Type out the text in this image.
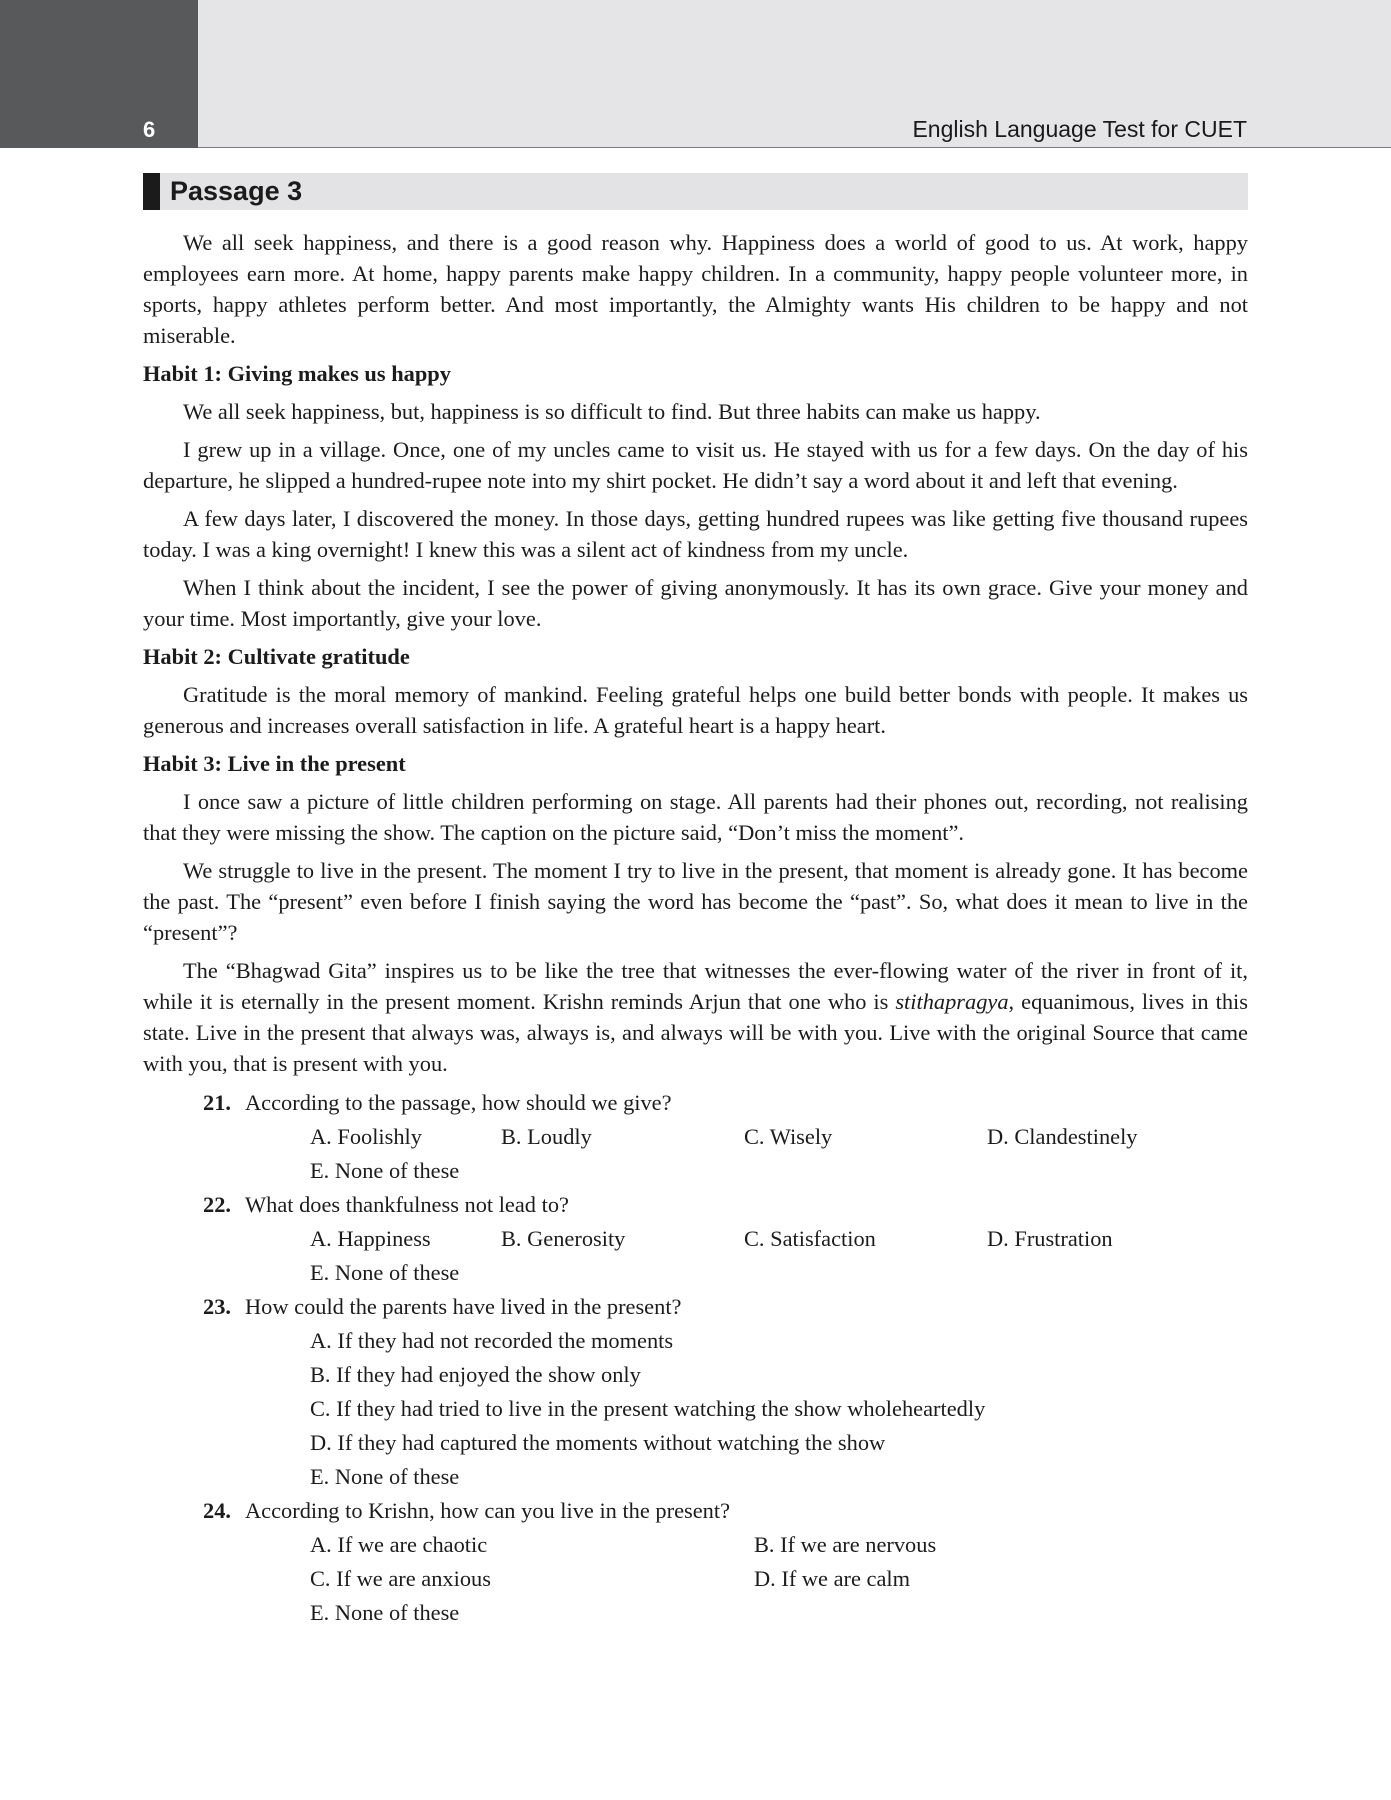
6	English Language Test for CUET
Passage 3

We all seek happiness, and there is a good reason why. Happiness does a world of good to us. At work, happy employees earn more. At home, happy parents make happy children. In a community, happy people volunteer more, in sports, happy athletes perform better. And most importantly, the Almighty wants His children to be happy and not miserable.

Habit 1: Giving makes us happy

We all seek happiness, but, happiness is so difficult to find. But three habits can make us happy.

I grew up in a village. Once, one of my uncles came to visit us. He stayed with us for a few days. On the day of his departure, he slipped a hundred-rupee note into my shirt pocket. He didn’t say a word about it and left that evening.

A few days later, I discovered the money. In those days, getting hundred rupees was like getting five thousand rupees today. I was a king overnight! I knew this was a silent act of kindness from my uncle.

When I think about the incident, I see the power of giving anonymously. It has its own grace. Give your money and your time. Most importantly, give your love.

Habit 2: Cultivate gratitude

Gratitude is the moral memory of mankind. Feeling grateful helps one build better bonds with people. It makes us generous and increases overall satisfaction in life. A grateful heart is a happy heart.

Habit 3: Live in the present

I once saw a picture of little children performing on stage. All parents had their phones out, recording, not realising that they were missing the show. The caption on the picture said, “Don’t miss the moment”.

We struggle to live in the present. The moment I try to live in the present, that moment is already gone. It has become the past. The “present” even before I finish saying the word has become the “past”. So, what does it mean to live in the “present”?

The “Bhagwad Gita” inspires us to be like the tree that witnesses the ever-flowing water of the river in front of it, while it is eternally in the present moment. Krishn reminds Arjun that one who is stithapragya, equanimous, lives in this state. Live in the present that always was, always is, and always will be with you. Live with the original Source that came with you, that is present with you.

21. According to the passage, how should we give?
A. Foolishly	B. Loudly	C. Wisely	D. Clandestinely
E. None of these
22. What does thankfulness not lead to?
A. Happiness	B. Generosity	C. Satisfaction	D. Frustration
E. None of these
23. How could the parents have lived in the present?
A. If they had not recorded the moments
B. If they had enjoyed the show only
C. If they had tried to live in the present watching the show wholeheartedly
D. If they had captured the moments without watching the show
E. None of these
24. According to Krishn, how can you live in the present?
A. If we are chaotic	B. If we are nervous
C. If we are anxious	D. If we are calm
E. None of these
